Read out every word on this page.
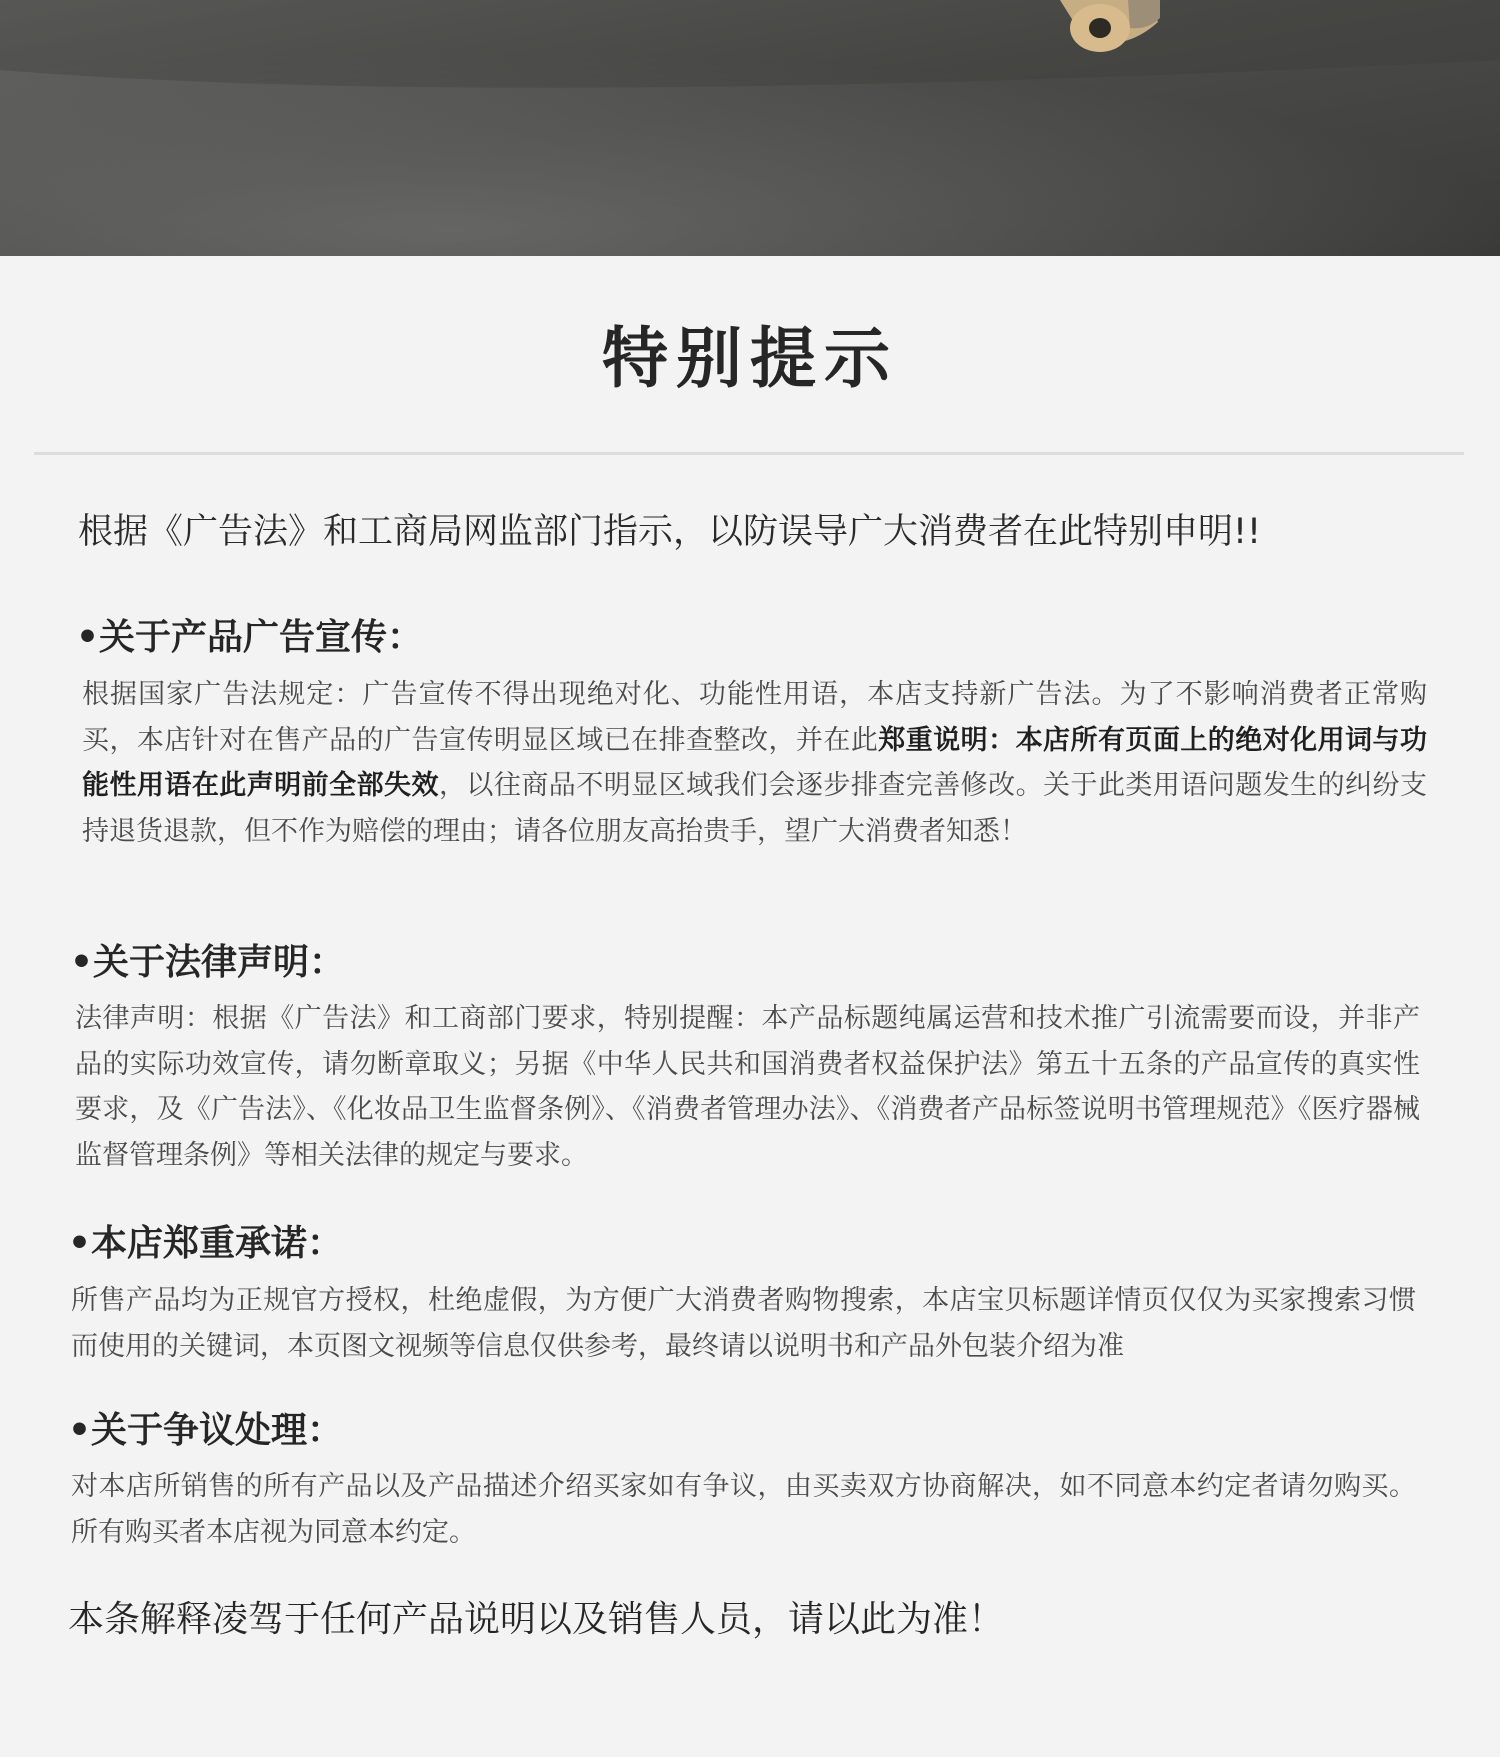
特别提示
根据《广告法》和工商局网监部门指示，以防误导广大消费者在此特别申明!!
•关于产品广告宣传：
根据国家广告法规定：广告宣传不得出现绝对化、功能性用语，本店支持新广告法。为了不影响消费者正常购买，本店针对在售产品的广告宣传明显区域已在排查整改，并在此郑重说明：本店所有页面上的绝对化用词与功能性用语在此声明前全部失效，以往商品不明显区域我们会逐步排查完善修改。关于此类用语问题发生的纠纷支持退货退款，但不作为赔偿的理由；请各位朋友高抬贵手，望广大消费者知悉！
•关于法律声明：
法律声明：根据《广告法》和工商部门要求，特别提醒：本产品标题纯属运营和技术推广引流需要而设，并非产品的实际功效宣传，请勿断章取义；另据《中华人民共和国消费者权益保护法》第五十五条的产品宣传的真实性要求，及《广告法》、《化妆品卫生监督条例》、《消费者管理办法》、《消费者产品标签说明书管理规范》《医疗器械监督管理条例》等相关法律的规定与要求。
•本店郑重承诺：
所售产品均为正规官方授权，杜绝虚假，为方便广大消费者购物搜索，本店宝贝标题详情页仅仅为买家搜索习惯而使用的关键词，本页图文视频等信息仅供参考，最终请以说明书和产品外包装介绍为准
•关于争议处理：
对本店所销售的所有产品以及产品描述介绍买家如有争议，由买卖双方协商解决，如不同意本约定者请勿购买。所有购买者本店视为同意本约定。
本条解释凌驾于任何产品说明以及销售人员，请以此为准！
